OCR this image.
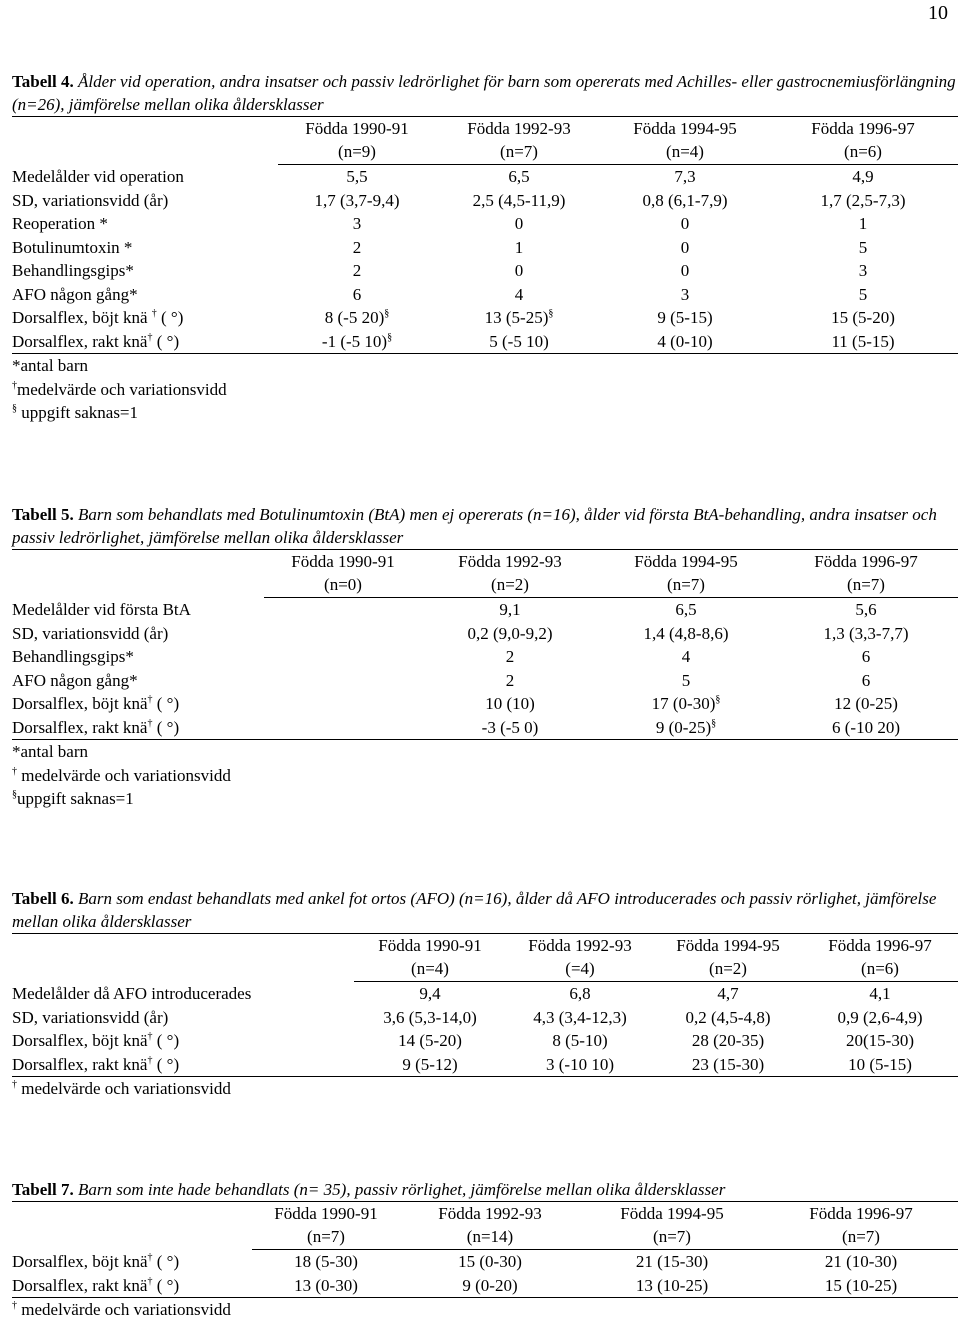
10
Tabell 4. Ålder vid operation, andra insatser och passiv ledrörlighet för barn som opererats med Achilles- eller gastrocnemiusförlängning (n=26), jämförelse mellan olika åldersklasser
	Födda 1990-91	Födda 1992-93	Födda 1994-95	Födda 1996-97
	(n=9)	(n=7)	(n=4)	(n=6)
Medelålder vid operation	5,5	6,5	7,3	4,9
SD, variationsvidd (år)	1,7 (3,7-9,4)	2,5 (4,5-11,9)	0,8 (6,1-7,9)	1,7 (2,5-7,3)
Reoperation *	3	0	0	1
Botulinumtoxin *	2	1	0	5
Behandlingsgips*	2	0	0	3
AFO någon gång*	6	4	3	5
Dorsalflex, böjt knä † ( °)	8 (-5 20)§	13 (5-25)§	9 (5-15)	15 (5-20)
Dorsalflex, rakt knä† ( °)	-1 (-5 10)§	5 (-5 10)	4 (0-10)	11 (5-15)
*antal barn
†medelvärde och variationsvidd
§ uppgift saknas=1
Tabell 5. Barn som behandlats med Botulinumtoxin (BtA) men ej opererats (n=16), ålder vid första BtA-behandling, andra insatser och passiv ledrörlighet, jämförelse mellan olika åldersklasser
	Födda 1990-91	Födda 1992-93	Födda 1994-95	Födda 1996-97
	(n=0)	(n=2)	(n=7)	(n=7)
Medelålder vid första BtA		9,1	6,5	5,6
SD, variationsvidd (år)		0,2 (9,0-9,2)	1,4 (4,8-8,6)	1,3 (3,3-7,7)
Behandlingsgips*		2	4	6
AFO någon gång*		2	5	6
Dorsalflex, böjt knä† ( °)		10 (10)	17 (0-30)§	12 (0-25)
Dorsalflex, rakt knä† ( °)		-3 (-5 0)	9 (0-25)§	6 (-10 20)
*antal barn
† medelvärde och variationsvidd
§uppgift saknas=1
Tabell 6. Barn som endast behandlats med ankel fot ortos (AFO) (n=16), ålder då AFO introducerades och passiv rörlighet, jämförelse mellan olika åldersklasser
	Födda 1990-91	Födda 1992-93	Födda 1994-95	Födda 1996-97
	(n=4)	(=4)	(n=2)	(n=6)
Medelålder då AFO introducerades	9,4	6,8	4,7	4,1
SD, variationsvidd (år)	3,6 (5,3-14,0)	4,3 (3,4-12,3)	0,2 (4,5-4,8)	0,9 (2,6-4,9)
Dorsalflex, böjt knä† ( °)	14 (5-20)	8 (5-10)	28 (20-35)	20(15-30)
Dorsalflex, rakt knä† ( °)	9 (5-12)	3 (-10 10)	23 (15-30)	10 (5-15)
† medelvärde och variationsvidd
Tabell 7. Barn som inte hade behandlats (n= 35), passiv rörlighet, jämförelse mellan olika åldersklasser
	Födda 1990-91	Födda 1992-93	Födda 1994-95	Födda 1996-97
	(n=7)	(n=14)	(n=7)	(n=7)
Dorsalflex, böjt knä† ( °)	18 (5-30)	15 (0-30)	21 (15-30)	21 (10-30)
Dorsalflex, rakt knä† ( °)	13 (0-30)	9 (0-20)	13 (10-25)	15 (10-25)
† medelvärde och variationsvidd
